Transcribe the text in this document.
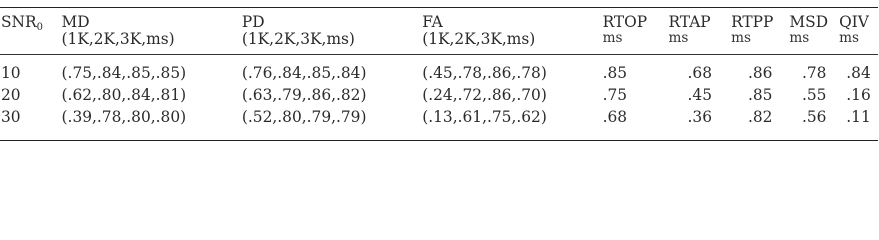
$SNR_0$	MD	PD	FA	RTOP	RTAP	RTPP	MSD	QIV
	(1K,2K,3K,ms)	(1K,2K,3K,ms)	(1K,2K,3K,ms)	ms	ms	ms	ms	ms
10	(.75,.84,.85,.85)	(.76,.84,.85,.84)	(.45,.78,.86,.78)	.85	.68	.86	.78	.84
20	(.62,.80,.84,.81)	(.63,.79,.86,.82)	(.24,.72,.86,.70)	.75	.45	.85	.55	.16
30	(.39,.78,.80,.80)	(.52,.80,.79,.79)	(.13,.61,.75,.62)	.68	.36	.82	.56	.11
